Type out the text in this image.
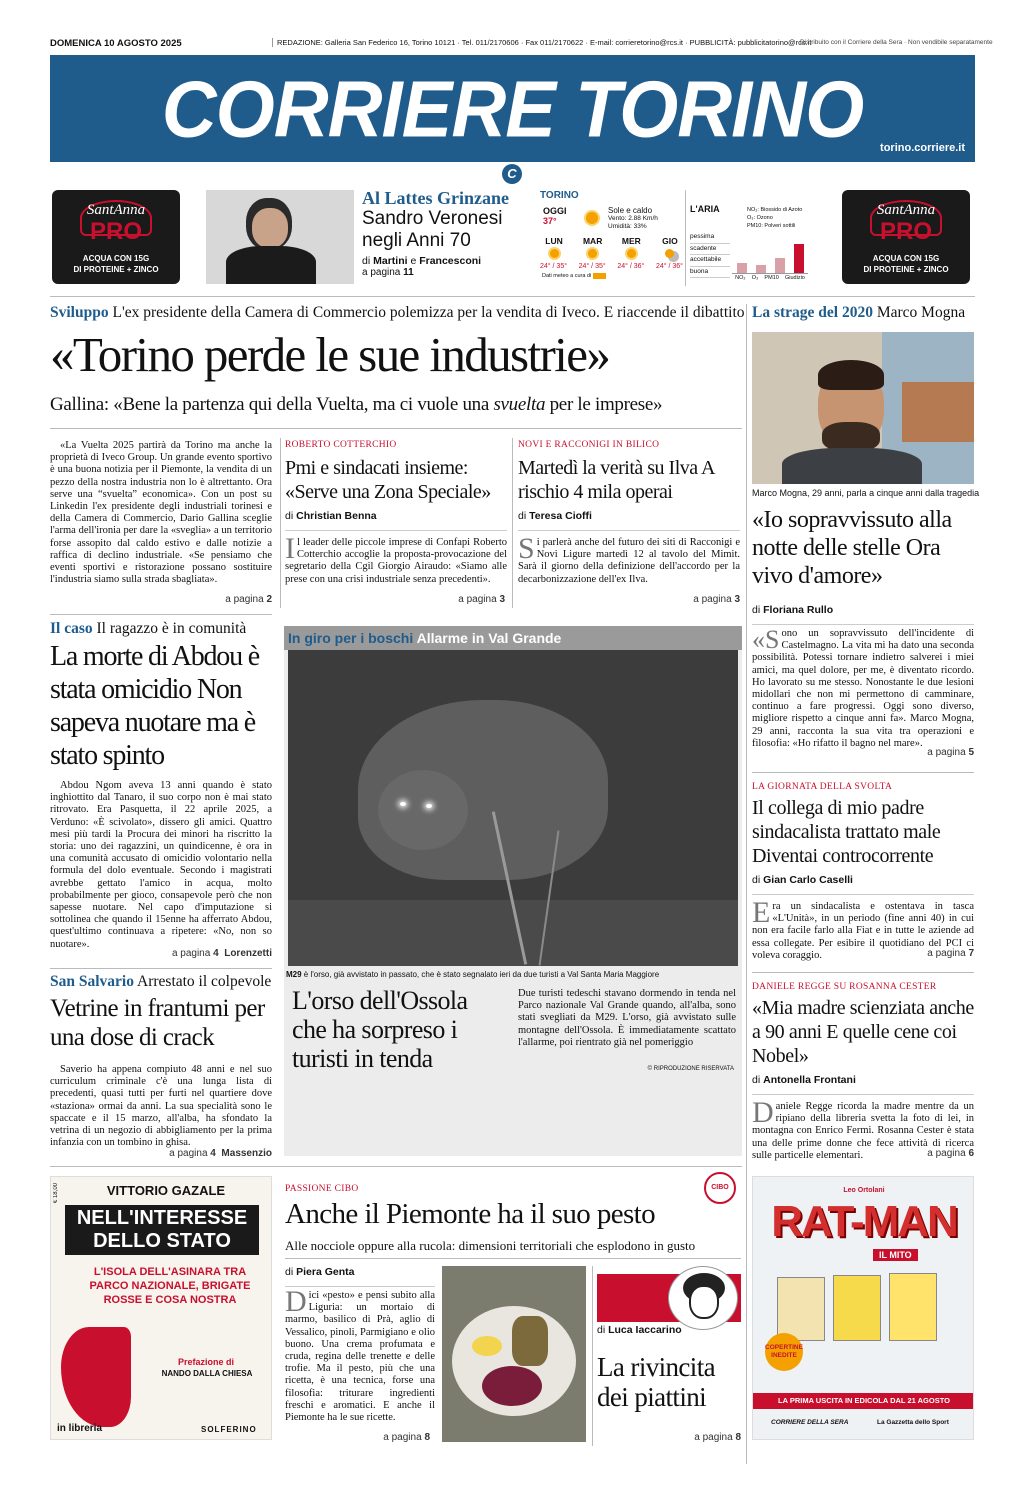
DOMENICA 10 AGOSTO 2025	REDAZIONE: Galleria San Federico 16, Torino 10121 · Tel. 011/2170606 · Fax 011/2170622 · E-mail: corrieretorino@rcs.it · PUBBLICITÀ: pubblicitatorino@rcs.it
Distribuito con il Corriere della Sera · Non vendibile separatamente
CORRIERE TORINO	torino.corriere.it
C
SantAnna
PRO
ACQUA CON 15G
DI PROTEINE + ZINCO
Al Lattes Grinzane
Sandro Veronesi
negli Anni 70
di Martini e Francesconi
a pagina 11
TORINO
OGGI
37°
Sole e caldo
Vento: 2.88 Km/h
Umidità: 33%
LUN
24° / 35°
MAR
24° / 35°
MER
24° / 36°
GIO
24° / 36°
Dati meteo a cura di
L'ARIA	NO₂: Biossido di Azoto
O₃: Ozono
PM10: Polveri sottili
pessima
scadente
accettabile
buona
NO₂ O₃ PM10 Giudizio
SantAnna
PRO
ACQUA CON 15G
DI PROTEINE + ZINCO
Sviluppo L'ex presidente della Camera di Commercio polemizza per la vendita di Iveco. E riaccende il dibattito
«Torino perde le sue industrie»
Gallina: «Bene la partenza qui della Vuelta, ma ci vuole una svuelta per le imprese»
«La Vuelta 2025 partirà da Torino ma anche la proprietà di Iveco Group. Un grande evento sportivo è una buona notizia per il Piemonte, la vendita di un pezzo della nostra industria non lo è altrettanto. Ora serve una “svuelta” economica». Con un post su Linkedin l'ex presidente degli industriali torinesi e della Camera di Commercio, Dario Gallina sceglie l'arma dell'ironia per dare la «sveglia» a un territorio forse assopito dal caldo estivo e dalle notizie a raffica di declino industriale. «Se pensiamo che eventi sportivi e ristorazione possano sostituire l'industria siamo sulla strada sbagliata».
a pagina 2
ROBERTO COTTERCHIO
Pmi e sindacati insieme: «Serve una Zona Speciale»
di Christian Benna
Il leader delle piccole imprese di Confapi Roberto Cotterchio accoglie la proposta-provocazione del segretario della Cgil Giorgio Airaudo: «Siamo alle prese con una crisi industriale senza precedenti».
a pagina 3
NOVI E RACCONIGI IN BILICO
Martedì la verità su Ilva A rischio 4 mila operai
di Teresa Cioffi
Si parlerà anche del futuro dei siti di Racconigi e Novi Ligure martedì 12 al tavolo del Mimit. Sarà il giorno della definizione dell'accordo per la decarbonizzazione dell'ex Ilva.
a pagina 3
La strage del 2020 Marco Mogna
Marco Mogna, 29 anni, parla a cinque anni dalla tragedia
«Io sopravvissuto alla notte delle stelle Ora vivo d'amore»
di Floriana Rullo
«Sono un sopravvissuto dell'incidente di Castelmagno. La vita mi ha dato una seconda possibilità. Potessi tornare indietro salverei i miei amici, ma quel dolore, per me, è diventato ricordo. Ho lavorato su me stesso. Nonostante le due lesioni midollari che non mi permettono di camminare, continuo a fare progressi. Oggi sono diverso, migliore rispetto a cinque anni fa». Marco Mogna, 29 anni, racconta la sua vita tra operazioni e filosofia: «Ho rifatto il bagno nel mare».
a pagina 5
LA GIORNATA DELLA SVOLTA
Il collega di mio padre sindacalista trattato male Diventai controcorrente
di Gian Carlo Caselli
Era un sindacalista e ostentava in tasca «L'Unità», in un periodo (fine anni 40) in cui non era facile farlo alla Fiat e in tutte le aziende ad essa collegate. Per esibire il quotidiano del PCI ci voleva coraggio.	a pagina 7
DANIELE REGGE SU ROSANNA CESTER
«Mia madre scienziata anche a 90 anni E quelle cene coi Nobel»
di Antonella Frontani
Daniele Regge ricorda la madre mentre da un ripiano della libreria svetta la foto di lei, in montagna con Enrico Fermi. Rosanna Cester è stata una delle prime donne che fece attività di ricerca sulle particelle elementari.	a pagina 6
Leo Ortolani
RAT-MAN
IL MITO
COPERTINE INEDITE
LA PRIMA USCITA IN EDICOLA DAL 21 AGOSTO
CORRIERE DELLA SERA	La Gazzetta dello Sport
Il caso Il ragazzo è in comunità
La morte di Abdou è stata omicidio Non sapeva nuotare ma è stato spinto
Abdou Ngom aveva 13 anni quando è stato inghiottito dal Tanaro, il suo corpo non è mai stato ritrovato. Era Pasquetta, il 22 aprile 2025, a Verduno: «È scivolato», dissero gli amici. Quattro mesi più tardi la Procura dei minori ha riscritto la storia: uno dei ragazzini, un quindicenne, è ora in una comunità accusato di omicidio volontario nella formula del dolo eventuale. Secondo i magistrati avrebbe gettato l'amico in acqua, molto probabilmente per gioco, consapevole però che non sapesse nuotare. Nel capo d'imputazione si sottolinea che quando il 15enne ha afferrato Abdou, quest'ultimo continuava a ripetere: «No, non so nuotare».
a pagina 4 Lorenzetti
San Salvario Arrestato il colpevole
Vetrine in frantumi per una dose di crack
Saverio ha appena compiuto 48 anni e nel suo curriculum criminale c'è una lunga lista di precedenti, quasi tutti per furti nel quartiere dove «staziona» ormai da anni. La sua specialità sono le spaccate e il 15 marzo, all'alba, ha sfondato la vetrina di un negozio di abbigliamento per la prima infanzia con un tombino in ghisa.
a pagina 4 Massenzio
In giro per i boschi Allarme in Val Grande
M29 è l'orso, già avvistato in passato, che è stato segnalato ieri da due turisti a Val Santa Maria Maggiore
L'orso dell'Ossola che ha sorpreso i turisti in tenda
Due turisti tedeschi stavano dormendo in tenda nel Parco nazionale Val Grande quando, all'alba, sono stati svegliati da M29. L'orso, già avvistato sulle montagne dell'Ossola. È immediatamente scattato l'allarme, poi rientrato già nel pomeriggio
© RIPRODUZIONE RISERVATA
€ 18,00	VITTORIO GAZALE
NELL'INTERESSE
DELLO STATO
L'ISOLA DELL'ASINARA TRA PARCO NAZIONALE, BRIGATE ROSSE E COSA NOSTRA
Prefazione di
NANDO DALLA CHIESA
in libreria	SOLFERINO
PASSIONE CIBO	CIBO
Anche il Piemonte ha il suo pesto
Alle nocciole oppure alla rucola: dimensioni territoriali che esplodono in gusto
di Piera Genta
Dici «pesto» e pensi subito alla Liguria: un mortaio di marmo, basilico di Prà, aglio di Vessalico, pinoli, Parmigiano e olio buono. Una crema profumata e cruda, regina delle trenette e delle trofie. Ma il pesto, più che una ricetta, è una tecnica, forse una filosofia: triturare ingredienti freschi e aromatici. E anche il Piemonte ha le sue ricette.
a pagina 8
di Luca Iaccarino
La rivincita dei piattini
a pagina 8
